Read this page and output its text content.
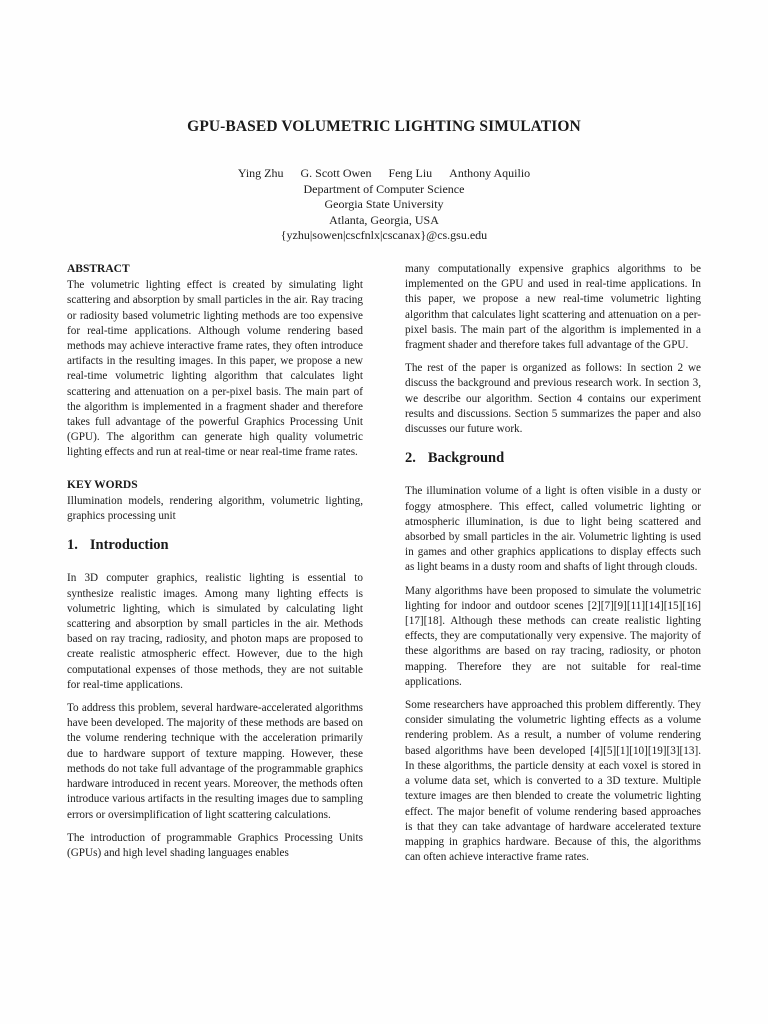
GPU-BASED VOLUMETRIC LIGHTING SIMULATION
Ying Zhu G. Scott Owen Feng Liu Anthony Aquilio
Department of Computer Science
Georgia State University
Atlanta, Georgia, USA
{yzhu|sowen|cscfnlx|cscanax}@cs.gsu.edu
ABSTRACT

The volumetric lighting effect is created by simulating light scattering and absorption by small particles in the air. Ray tracing or radiosity based volumetric lighting methods are too expensive for real-time applications. Although volume rendering based methods may achieve interactive frame rates, they often introduce artifacts in the resulting images. In this paper, we propose a new real-time volumetric lighting algorithm that calculates light scattering and attenuation on a per-pixel basis. The main part of the algorithm is implemented in a fragment shader and therefore takes full advantage of the powerful Graphics Processing Unit (GPU). The algorithm can generate high quality volumetric lighting effects and run at real-time or near real-time frame rates.

KEY WORDS

Illumination models, rendering algorithm, volumetric lighting, graphics processing unit

1. Introduction

In 3D computer graphics, realistic lighting is essential to synthesize realistic images. Among many lighting effects is volumetric lighting, which is simulated by calculating light scattering and absorption by small particles in the air. Methods based on ray tracing, radiosity, and photon maps are proposed to create realistic atmospheric effect. However, due to the high computational expenses of those methods, they are not suitable for real-time applications.

To address this problem, several hardware-accelerated algorithms have been developed. The majority of these methods are based on the volume rendering technique with the acceleration primarily due to hardware support of texture mapping. However, these methods do not take full advantage of the programmable graphics hardware introduced in recent years. Moreover, the methods often introduce various artifacts in the resulting images due to sampling errors or oversimplification of light scattering calculations.

The introduction of programmable Graphics Processing Units (GPUs) and high level shading languages enables

many computationally expensive graphics algorithms to be implemented on the GPU and used in real-time applications. In this paper, we propose a new real-time volumetric lighting algorithm that calculates light scattering and attenuation on a per-pixel basis. The main part of the algorithm is implemented in a fragment shader and therefore takes full advantage of the GPU.

The rest of the paper is organized as follows: In section 2 we discuss the background and previous research work. In section 3, we describe our algorithm. Section 4 contains our experiment results and discussions. Section 5 summarizes the paper and also discusses our future work.

2. Background

The illumination volume of a light is often visible in a dusty or foggy atmosphere. This effect, called volumetric lighting or atmospheric illumination, is due to light being scattered and absorbed by small particles in the air. Volumetric lighting is used in games and other graphics applications to display effects such as light beams in a dusty room and shafts of light through clouds.

Many algorithms have been proposed to simulate the volumetric lighting for indoor and outdoor scenes [2][7][9][11][14][15][16][17][18]. Although these methods can create realistic lighting effects, they are computationally very expensive. The majority of these algorithms are based on ray tracing, radiosity, or photon mapping. Therefore they are not suitable for real-time applications.

Some researchers have approached this problem differently. They consider simulating the volumetric lighting effects as a volume rendering problem. As a result, a number of volume rendering based algorithms have been developed [4][5][1][10][19][3][13]. In these algorithms, the particle density at each voxel is stored in a volume data set, which is converted to a 3D texture. Multiple texture images are then blended to create the volumetric lighting effect. The major benefit of volume rendering based approaches is that they can take advantage of hardware accelerated texture mapping in graphics hardware. Because of this, the algorithms can often achieve interactive frame rates.
